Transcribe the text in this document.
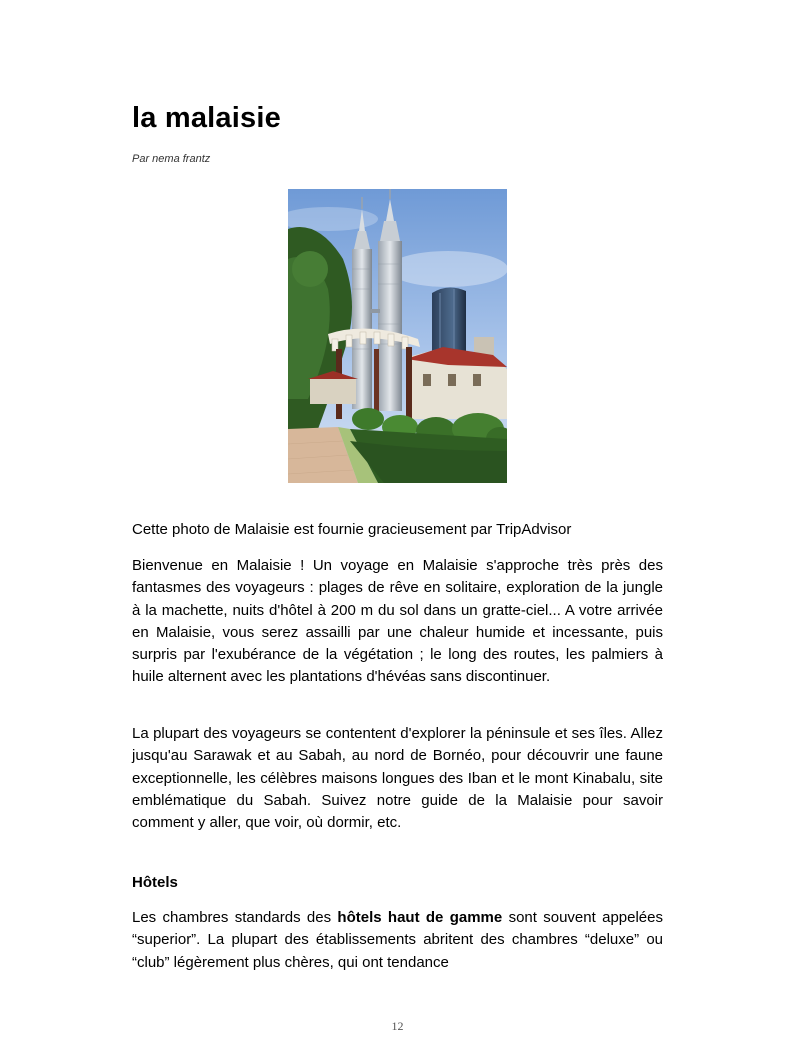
la malaisie
Par nema frantz

Cette photo de Malaisie est fournie gracieusement par TripAdvisor

Bienvenue en Malaisie ! Un voyage en Malaisie s'approche très près des fantasmes des voyageurs : plages de rêve en solitaire, exploration de la jungle à la machette, nuits d'hôtel à 200 m du sol dans un gratte-ciel... A votre arrivée en Malaisie, vous serez assailli par une chaleur humide et incessante, puis surpris par l'exubérance de la végétation ; le long des routes, les palmiers à huile alternent avec les plantations d'hévéas sans discontinuer.

La plupart des voyageurs se contentent d'explorer la péninsule et ses îles. Allez jusqu'au Sarawak et au Sabah, au nord de Bornéo, pour découvrir une faune exceptionnelle, les célèbres maisons longues des Iban et le mont Kinabalu, site emblématique du Sabah. Suivez notre guide de la Malaisie pour savoir comment y aller, que voir, où dormir, etc.

Hôtels

Les chambres standards des hôtels haut de gamme sont souvent appelées “superior”. La plupart des établissements abritent des chambres “deluxe” ou “club” légèrement plus chères, qui ont tendance

12
